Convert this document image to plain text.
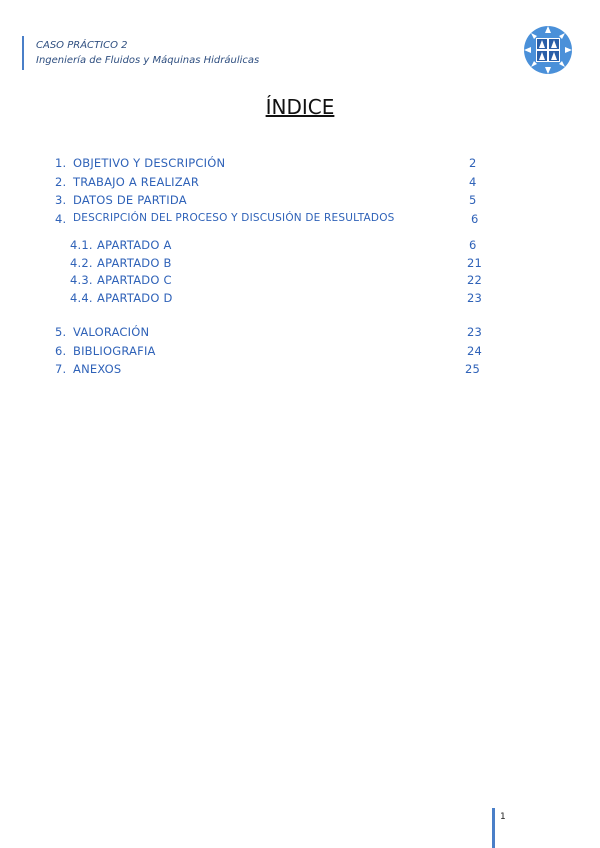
CASO PRÁCTICO 2
Ingeniería de Fluidos y Máquinas Hidráulicas
ÍNDICE
1. OBJETIVO Y DESCRIPCIÓN	2
2. TRABAJO A REALIZAR	4
3. DATOS DE PARTIDA	5
4. DESCRIPCIÓN DEL PROCESO Y DISCUSIÓN DE RESULTADOS	6
4.1. APARTADO A	6
4.2. APARTADO B	21
4.3. APARTADO C	22
4.4. APARTADO D	23
5. VALORACIÓN	23
6. BIBLIOGRAFIA	24
7. ANEXOS	25
1
